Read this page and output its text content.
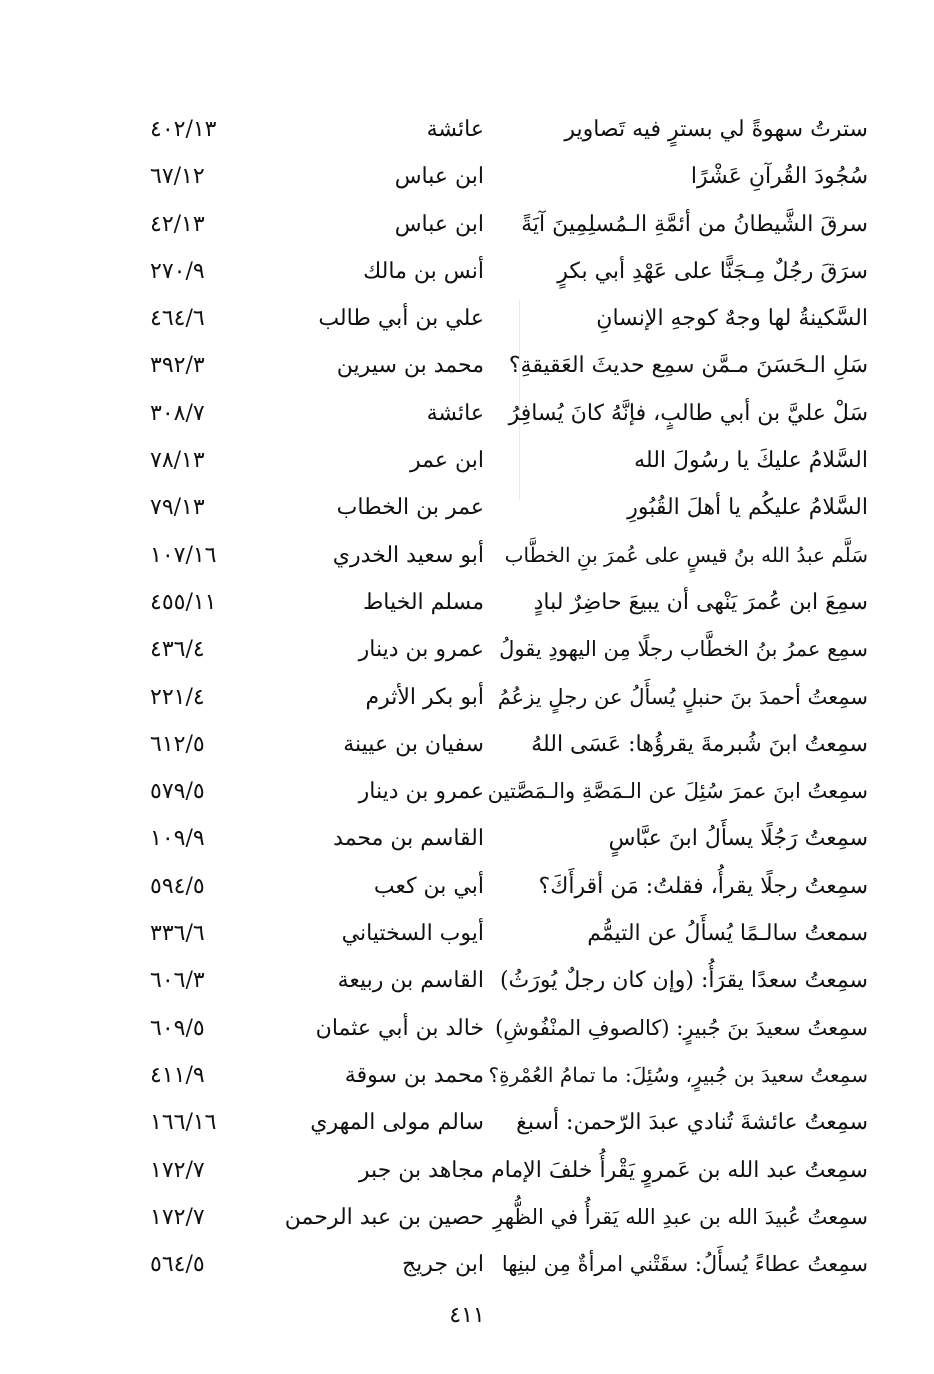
سترتُ سهوةً لي بسترٍ فيه تَصاوير
عائشة
٤٠٢/١٣
سُجُودَ القُرآنِ عَشْرًا
ابن عباس
٦٧/١٢
سرقَ الشَّيطانُ من أئمَّةِ الـمُسلِمِينَ آيَةً
ابن عباس
٤٢/١٣
سرَقَ رجُلٌ مِـجَنًّا على عَهْدِ أبي بكرٍ
أنس بن مالك
٢٧٠/٩
السَّكينةُ لها وجهٌ كوجهِ الإنسانِ
علي بن أبي طالب
٤٦٤/٦
سَلِ الـحَسَنَ مـمَّن سمِع حديثَ العَقيقةِ؟
محمد بن سيرين
٣٩٢/٣
سَلْ عليَّ بن أبي طالبٍ، فإنَّهُ كانَ يُسافِرُ
عائشة
٣٠٨/٧
السَّلامُ عليكَ يا رسُولَ الله
ابن عمر
٧٨/١٣
السَّلامُ عليكُم يا أهلَ القُبُورِ
عمر بن الخطاب
٧٩/١٣
سَلَّم عبدُ الله بنُ قيسٍ على عُمرَ بنِ الخطَّاب
أبو سعيد الخدري
١٠٧/١٦
سمِعَ ابن عُمرَ يَنْهى أن يبيعَ حاضِرٌ لبادٍ
مسلم الخياط
٤٥٥/١١
سمِع عمرُ بنُ الخطَّاب رجلًا مِن اليهودِ يقولُ
عمرو بن دينار
٤٣٦/٤
سمِعتُ أحمدَ بنَ حنبلٍ يُسأَلُ عن رجلٍ يزعُمُ
أبو بكر الأثرم
٢٢١/٤
سمِعتُ ابنَ شُبرمةَ يقرؤُها: عَسَى اللهُ
سفيان بن عيينة
٦١٢/٥
سمِعتُ ابنَ عمرَ سُئِلَ عن الـمَصَّةِ والـمَصَّتين
عمرو بن دينار
٥٧٩/٥
سمِعتُ رَجُلًا يسأَلُ ابنَ عبَّاسٍ
القاسم بن محمد
١٠٩/٩
سمِعتُ رجلًا يقرأُ، فقلتُ: مَن أقرأَكَ؟
أبي بن كعب
٥٩٤/٥
سمعتُ سالـمًا يُسأَلُ عن التيمُّم
أيوب السختياني
٣٣٦/٦
سمِعتُ سعدًا يقرَأُ: (وإن كان رجلٌ يُورَثُ)
القاسم بن ربيعة
٦٠٦/٣
سمِعتُ سعيدَ بنَ جُبيرٍ: (كالصوفِ المنْفُوشِ)
خالد بن أبي عثمان
٦٠٩/٥
سمِعتُ سعيدَ بن جُبيرٍ، وسُئِلَ: ما تمامُ العُمْرةِ؟
محمد بن سوقة
٤١١/٩
سمِعتُ عائشةَ تُنادي عبدَ الرّحمن: أسبغ
سالم مولى المهري
١٦٦/١٦
سمِعتُ عبد الله بن عَمروٍ يَقْرأُ خلفَ الإمام
مجاهد بن جبر
١٧٢/٧
سمِعتُ عُبيدَ الله بن عبدِ الله يَقرأُ في الظُّهرِ
حصين بن عبد الرحمن
١٧٢/٧
سمِعتُ عطاءً يُسأَلُ: سقَتْني امرأةٌ مِن لبنِها
ابن جريج
٥٦٤/٥
٤١١
